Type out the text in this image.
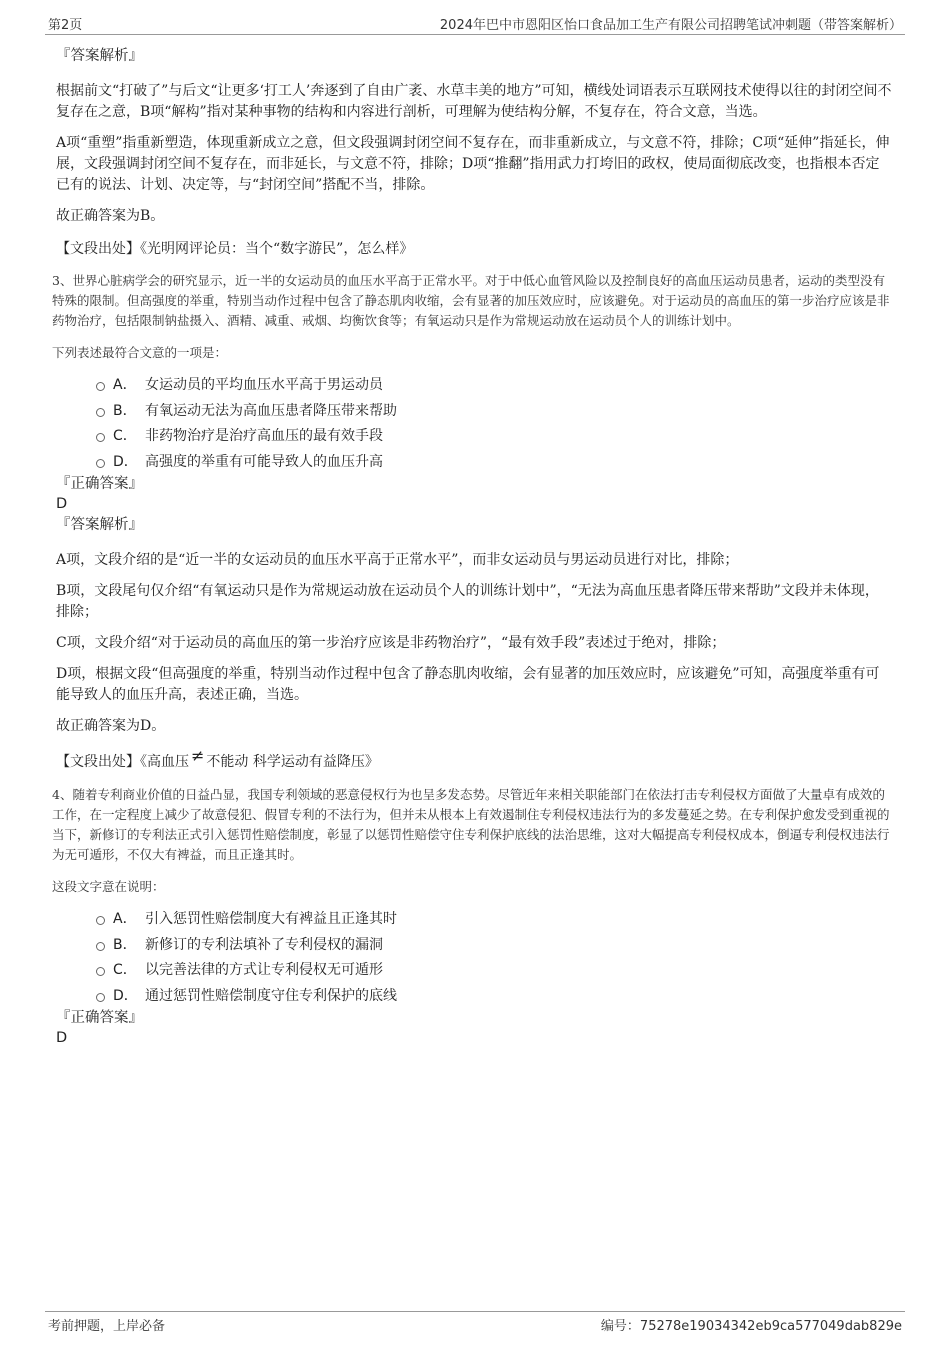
第2页	2024年巴中市恩阳区怡口食品加工生产有限公司招聘笔试冲刺题（带答案解析）

『答案解析』

根据前文“打破了”与后文“让更多‘打工人’奔逐到了自由广袤、水草丰美的地方”可知，横线处词语表示互联网技术使得以往的封闭空间不复存在之意，B项“解构”指对某种事物的结构和内容进行剖析，可理解为使结构分解，不复存在，符合文意，当选。

A项“重塑”指重新塑造，体现重新成立之意，但文段强调封闭空间不复存在，而非重新成立，与文意不符，排除；C项“延伸”指延长，伸展，文段强调封闭空间不复存在，而非延长，与文意不符，排除；D项“推翻”指用武力打垮旧的政权，使局面彻底改变，也指根本否定已有的说法、计划、决定等，与“封闭空间”搭配不当，排除。

故正确答案为B。

【文段出处】《光明网评论员：当个“数字游民”，怎么样》

3、世界心脏病学会的研究显示，近一半的女运动员的血压水平高于正常水平。对于中低心血管风险以及控制良好的高血压运动员患者，运动的类型没有特殊的限制。但高强度的举重，特别当动作过程中包含了静态肌肉收缩，会有显著的加压效应时，应该避免。对于运动员的高血压的第一步治疗应该是非药物治疗，包括限制钠盐摄入、酒精、减重、戒烟、均衡饮食等；有氧运动只是作为常规运动放在运动员个人的训练计划中。

下列表述最符合文意的一项是：

A． 女运动员的平均血压水平高于男运动员
B． 有氧运动无法为高血压患者降压带来帮助
C． 非药物治疗是治疗高血压的最有效手段
D． 高强度的举重有可能导致人的血压升高

『正确答案』

D

『答案解析』

A项，文段介绍的是“近一半的女运动员的血压水平高于正常水平”，而非女运动员与男运动员进行对比，排除；

B项，文段尾句仅介绍“有氧运动只是作为常规运动放在运动员个人的训练计划中”，“无法为高血压患者降压带来帮助”文段并未体现，排除；

C项，文段介绍“对于运动员的高血压的第一步治疗应该是非药物治疗”，“最有效手段”表述过于绝对，排除；

D项，根据文段“但高强度的举重，特别当动作过程中包含了静态肌肉收缩，会有显著的加压效应时，应该避免”可知，高强度举重有可能导致人的血压升高，表述正确，当选。

故正确答案为D。

【文段出处】《高血压 ≠ 不能动 科学运动有益降压》

4、随着专利商业价值的日益凸显，我国专利领域的恶意侵权行为也呈多发态势。尽管近年来相关职能部门在依法打击专利侵权方面做了大量卓有成效的工作，在一定程度上减少了故意侵犯、假冒专利的不法行为，但并未从根本上有效遏制住专利侵权违法行为的多发蔓延之势。在专利保护愈发受到重视的当下，新修订的专利法正式引入惩罚性赔偿制度，彰显了以惩罚性赔偿守住专利保护底线的法治思维，这对大幅提高专利侵权成本，倒逼专利侵权违法行为无可遁形，不仅大有裨益，而且正逢其时。

这段文字意在说明：

A． 引入惩罚性赔偿制度大有裨益且正逢其时
B． 新修订的专利法填补了专利侵权的漏洞
C． 以完善法律的方式让专利侵权无可遁形
D． 通过惩罚性赔偿制度守住专利保护的底线

『正确答案』

D

考前押题，上岸必备	编号：75278e19034342eb9ca577049dab829e
